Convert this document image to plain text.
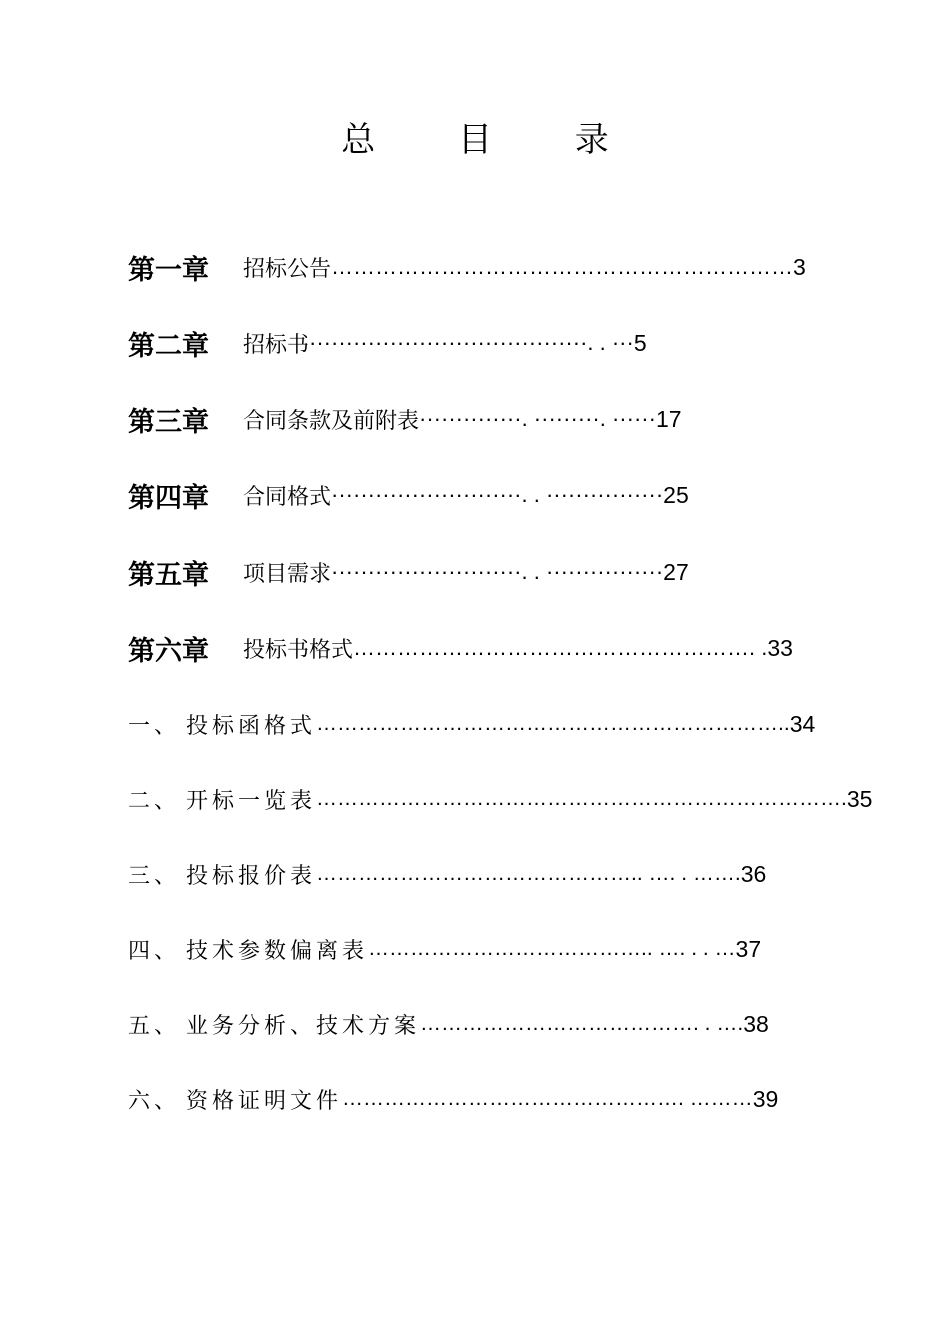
总 目 录
第一章	招标公告 ……………………………………………………… 3
第二章	招标书 ······································. . ··· 5
第三章	合同条款及前附表 ··············. ·········. ······ 17
第四章	合同格式 ··························. . ················ 25
第五章	项目需求 ··························. . ················ 27
第六章	投标书格式 ………………………………………………. . 33
一、 投标函格式 ………………………………………………………….. 34
二、 开标一览表 …………………………………………………………………. 35
三、 投标报价表 ……………………………………….. …. . ……. 36
四、 技术参数偏离表 ………………………………….. …. . . … 37
五、 业务分析、技术方案 …………………………………. . …. 38
六、 资格证明文件 …………………………………………. ……… 39
